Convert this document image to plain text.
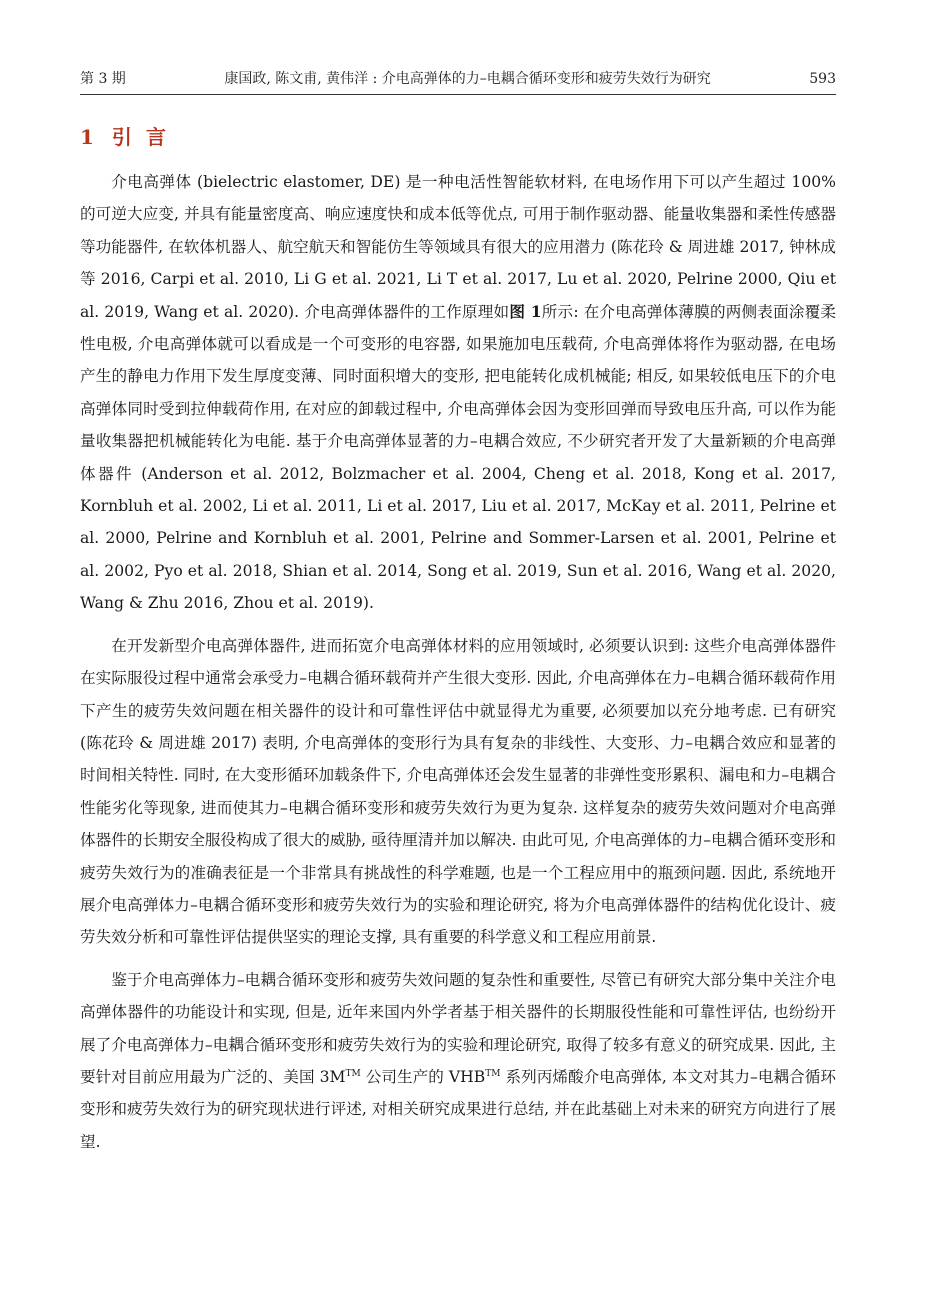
第 3 期	康国政, 陈文甫, 黄伟洋 : 介电高弹体的力–电耦合循环变形和疲劳失效行为研究	593
1 引言

介电高弹体 (bielectric elastomer, DE) 是一种电活性智能软材料, 在电场作用下可以产生超过 100% 的可逆大应变, 并具有能量密度高、响应速度快和成本低等优点, 可用于制作驱动器、能量收集器和柔性传感器等功能器件, 在软体机器人、航空航天和智能仿生等领域具有很大的应用潜力 (陈花玲 & 周进雄 2017, 钟林成 等 2016, Carpi et al. 2010, Li G et al. 2021, Li T et al. 2017, Lu et al. 2020, Pelrine 2000, Qiu et al. 2019, Wang et al. 2020). 介电高弹体器件的工作原理如图 1所示: 在介电高弹体薄膜的两侧表面涂覆柔性电极, 介电高弹体就可以看成是一个可变形的电容器, 如果施加电压载荷, 介电高弹体将作为驱动器, 在电场产生的静电力作用下发生厚度变薄、同时面积增大的变形, 把电能转化成机械能; 相反, 如果较低电压下的介电高弹体同时受到拉伸载荷作用, 在对应的卸载过程中, 介电高弹体会因为变形回弹而导致电压升高, 可以作为能量收集器把机械能转化为电能. 基于介电高弹体显著的力–电耦合效应, 不少研究者开发了大量新颖的介电高弹体器件 (Anderson et al. 2012, Bolzmacher et al. 2004, Cheng et al. 2018, Kong et al. 2017, Kornbluh et al. 2002, Li et al. 2011, Li et al. 2017, Liu et al. 2017, McKay et al. 2011, Pelrine et al. 2000, Pelrine and Kornbluh et al. 2001, Pelrine and Sommer-Larsen et al. 2001, Pelrine et al. 2002, Pyo et al. 2018, Shian et al. 2014, Song et al. 2019, Sun et al. 2016, Wang et al. 2020, Wang & Zhu 2016, Zhou et al. 2019).

在开发新型介电高弹体器件, 进而拓宽介电高弹体材料的应用领域时, 必须要认识到: 这些介电高弹体器件在实际服役过程中通常会承受力–电耦合循环载荷并产生很大变形. 因此, 介电高弹体在力–电耦合循环载荷作用下产生的疲劳失效问题在相关器件的设计和可靠性评估中就显得尤为重要, 必须要加以充分地考虑. 已有研究 (陈花玲 & 周进雄 2017) 表明, 介电高弹体的变形行为具有复杂的非线性、大变形、力–电耦合效应和显著的时间相关特性. 同时, 在大变形循环加载条件下, 介电高弹体还会发生显著的非弹性变形累积、漏电和力–电耦合性能劣化等现象, 进而使其力–电耦合循环变形和疲劳失效行为更为复杂. 这样复杂的疲劳失效问题对介电高弹体器件的长期安全服役构成了很大的威胁, 亟待厘清并加以解决. 由此可见, 介电高弹体的力–电耦合循环变形和疲劳失效行为的准确表征是一个非常具有挑战性的科学难题, 也是一个工程应用中的瓶颈问题. 因此, 系统地开展介电高弹体力–电耦合循环变形和疲劳失效行为的实验和理论研究, 将为介电高弹体器件的结构优化设计、疲劳失效分析和可靠性评估提供坚实的理论支撑, 具有重要的科学意义和工程应用前景.

鉴于介电高弹体力–电耦合循环变形和疲劳失效问题的复杂性和重要性, 尽管已有研究大部分集中关注介电高弹体器件的功能设计和实现, 但是, 近年来国内外学者基于相关器件的长期服役性能和可靠性评估, 也纷纷开展了介电高弹体力–电耦合循环变形和疲劳失效行为的实验和理论研究, 取得了较多有意义的研究成果. 因此, 主要针对目前应用最为广泛的、美国 3M™ 公司生产的 VHB™ 系列丙烯酸介电高弹体, 本文对其力–电耦合循环变形和疲劳失效行为的研究现状进行评述, 对相关研究成果进行总结, 并在此基础上对未来的研究方向进行了展望.
